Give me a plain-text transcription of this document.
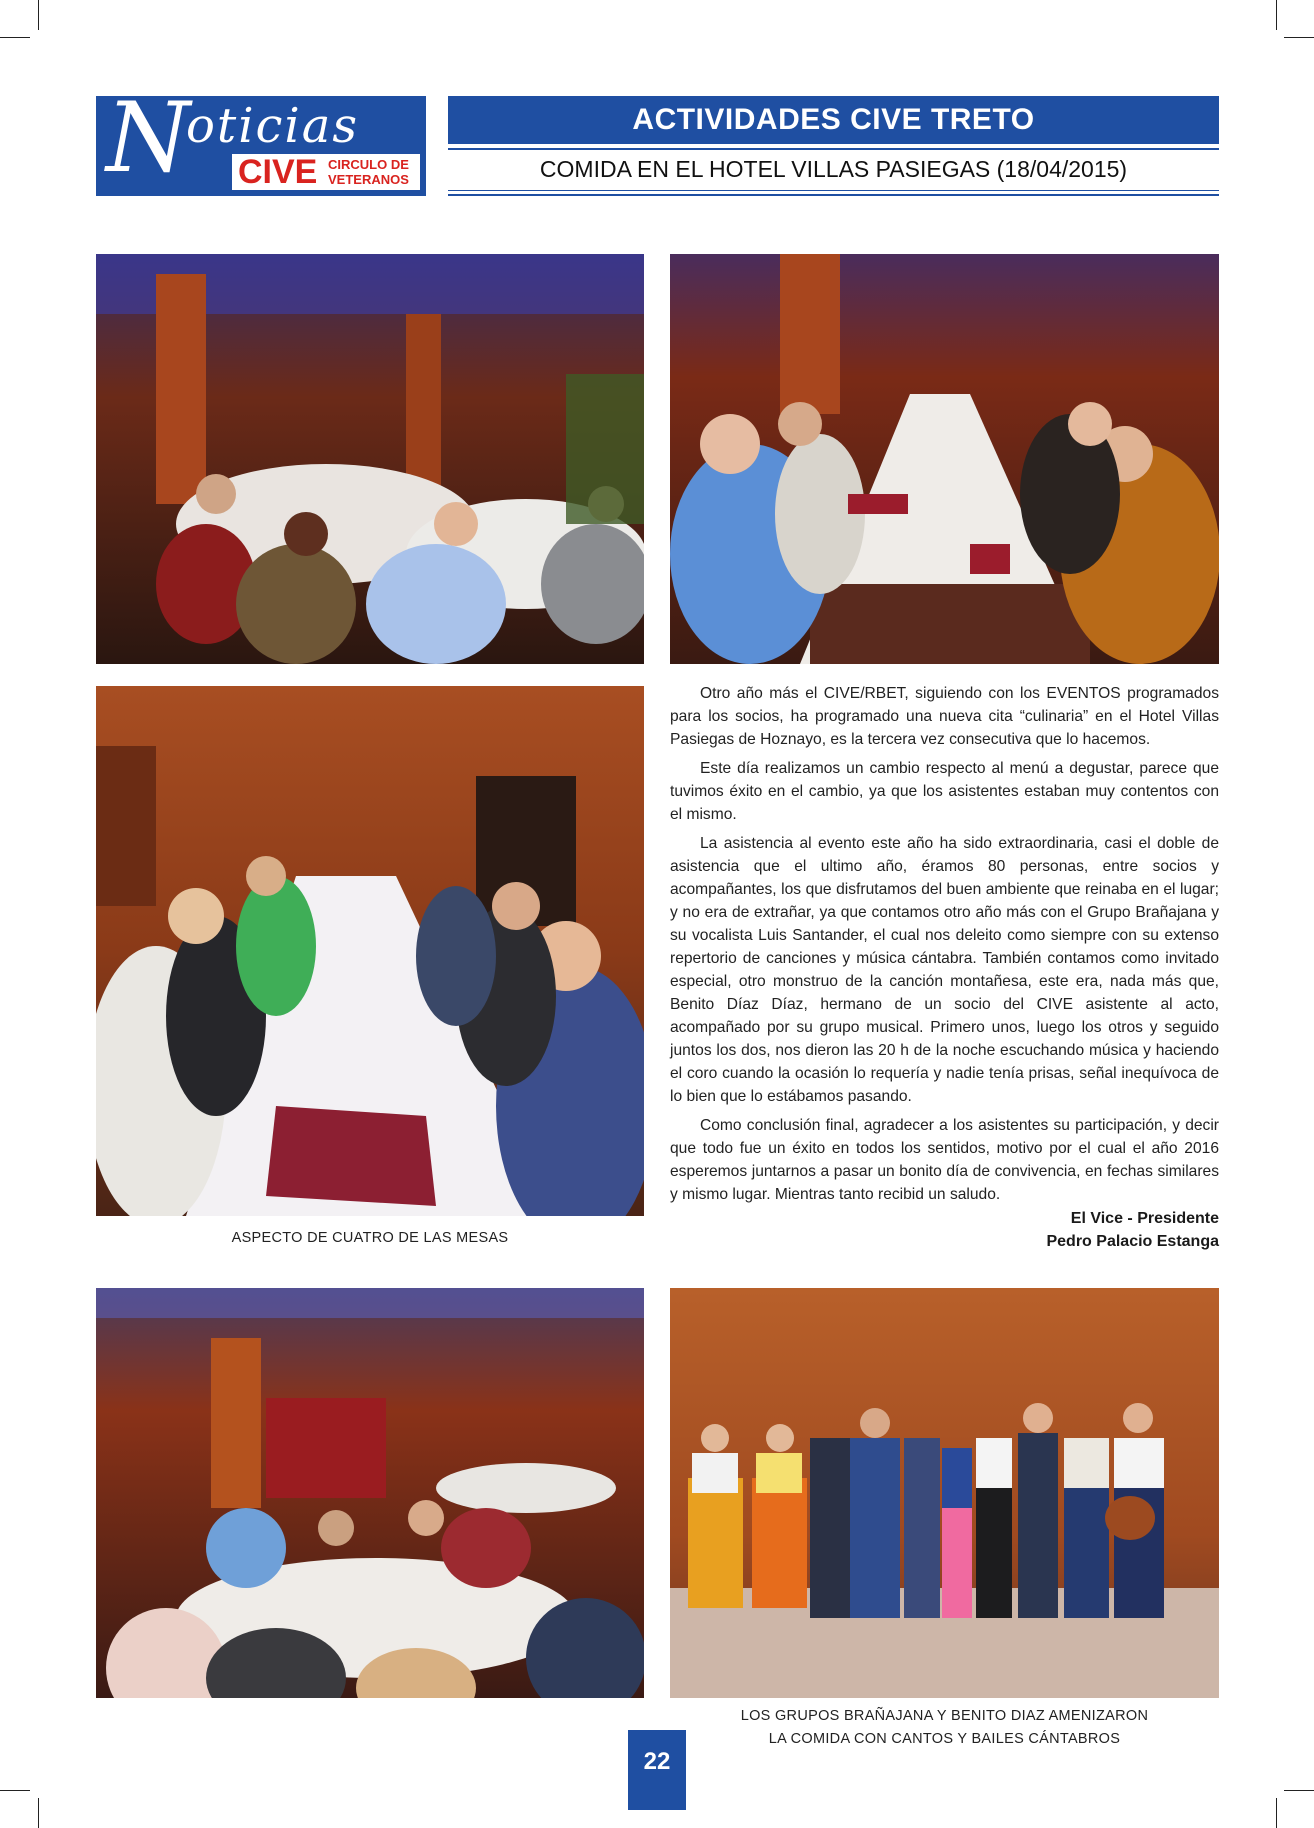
N
oticias
CIVE CIRCULO DE
VETERANOS
ACTIVIDADES CIVE TRETO
COMIDA EN EL HOTEL VILLAS PASIEGAS (18/04/2015)

Otro año más el CIVE/RBET, siguiendo con los EVENTOS programados para los socios, ha programado una nueva cita “culinaria” en el Hotel Villas Pasiegas de Hoznayo, es la tercera vez consecutiva que lo hacemos.

Este día realizamos un cambio respecto al menú a degustar, parece que tuvimos éxito en el cambio, ya que los asistentes estaban muy contentos con el mismo.

La asistencia al evento este año ha sido extraordinaria, casi el doble de asistencia que el ultimo año, éramos 80 personas, entre socios y acompañantes, los que disfrutamos del buen ambiente que reinaba en el lugar; y no era de extrañar, ya que contamos otro año más con el Grupo Brañajana y su vocalista Luis Santander, el cual nos deleito como siempre con su extenso repertorio de canciones y música cántabra. También contamos como invitado especial, otro monstruo de la canción montañesa, este era, nada más que, Benito Díaz Díaz, hermano de un socio del CIVE asistente al acto, acompañado por su grupo musical. Primero unos, luego los otros y seguido juntos los dos, nos dieron las 20 h de la noche escuchando música y haciendo el coro cuando la ocasión lo requería y nadie tenía prisas, señal inequívoca de lo bien que lo estábamos pasando.

Como conclusión final, agradecer a los asistentes su participación, y decir que todo fue un éxito en todos los sentidos, motivo por el cual el año 2016 esperemos juntarnos a pasar un bonito día de convivencia, en fechas similares y mismo lugar. Mientras tanto recibid un saludo.

El Vice - Presidente
Pedro Palacio Estanga
ASPECTO DE CUATRO DE LAS MESAS
LOS GRUPOS BRAÑAJANA Y BENITO DIAZ AMENIZARON
LA COMIDA CON CANTOS Y BAILES CÁNTABROS
22
